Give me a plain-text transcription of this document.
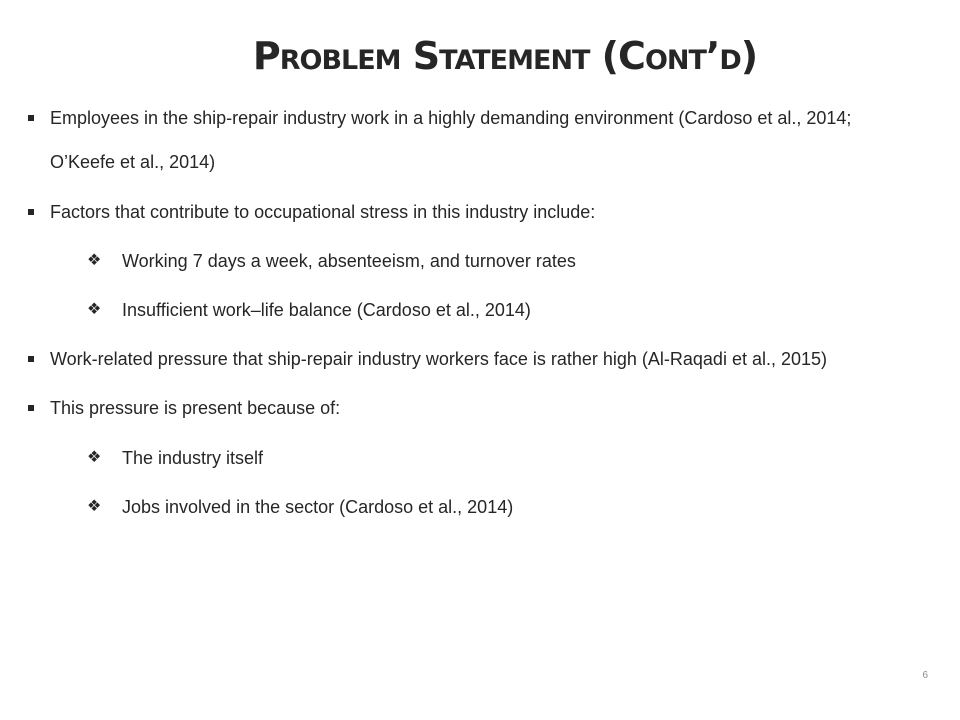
Problem Statement (Cont’d)
Employees in the ship-repair industry work in a highly demanding environment (Cardoso et al., 2014;
O’Keefe et al., 2014)
Factors that contribute to occupational stress in this industry include:
❖ Working 7 days a week, absenteeism, and turnover rates
❖ Insufficient work–life balance (Cardoso et al., 2014)
Work-related pressure that ship-repair industry workers face is rather high (Al-Raqadi et al., 2015)
This pressure is present because of:
❖ The industry itself
❖ Jobs involved in the sector (Cardoso et al., 2014)
6
